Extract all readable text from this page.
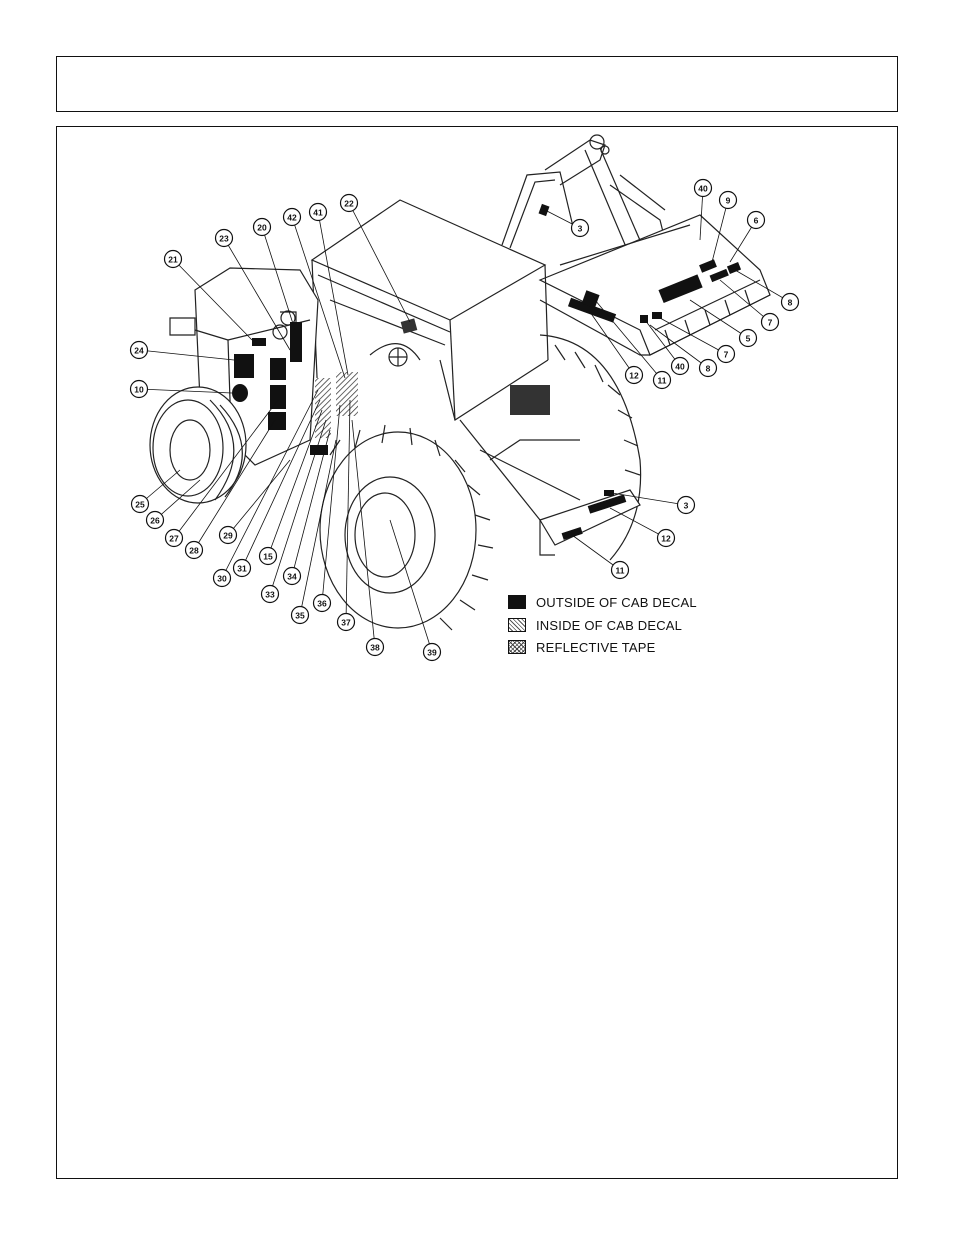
3
40
9
6
8
7
5
7
8
40
11
12
3
12
11
22
41
42
20
23
21
24
10
25
26
27
28
29
30
31
15
33
34
35
36
37
38	39
OUTSIDE OF CAB DECAL
INSIDE OF CAB DECAL
REFLECTIVE TAPE
